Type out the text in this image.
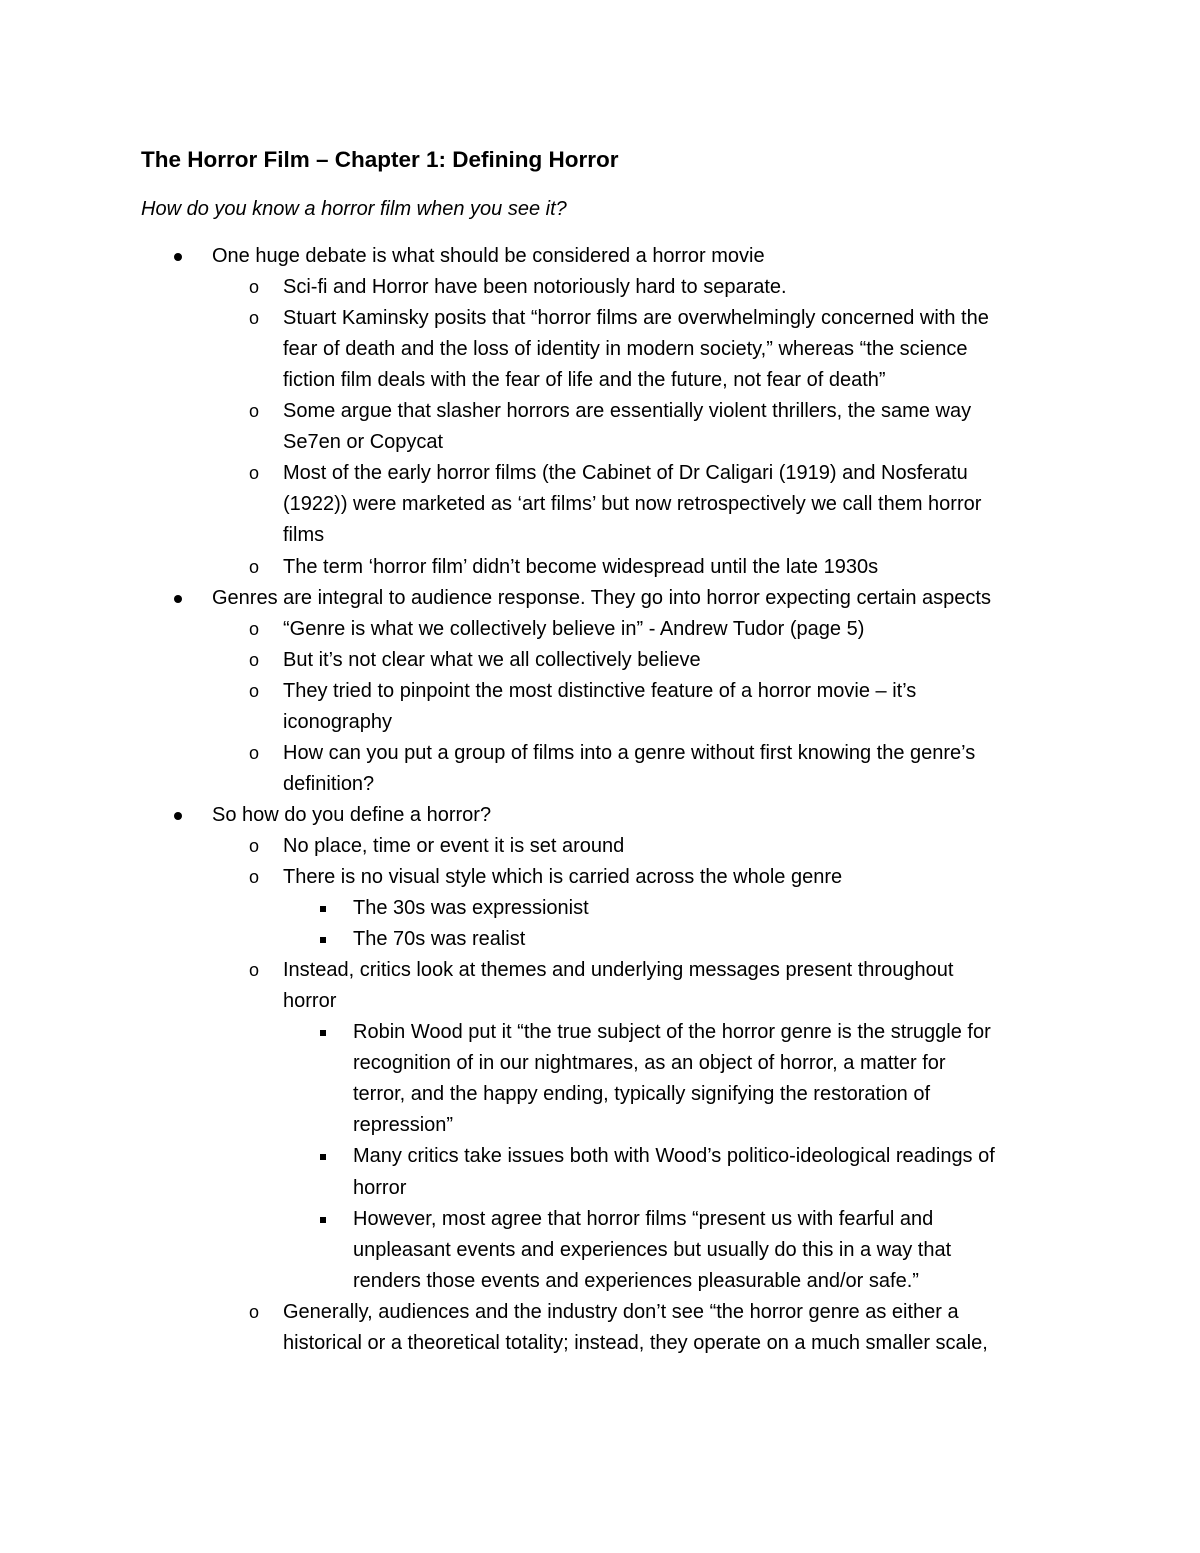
The Horror Film – Chapter 1: Defining Horror
How do you know a horror film when you see it?
One huge debate is what should be considered a horror movie
o Sci-fi and Horror have been notoriously hard to separate.
o Stuart Kaminsky posits that “horror films are overwhelmingly concerned with the
fear of death and the loss of identity in modern society,” whereas “the science
fiction film deals with the fear of life and the future, not fear of death”
o Some argue that slasher horrors are essentially violent thrillers, the same way
Se7en or Copycat
o Most of the early horror films (the Cabinet of Dr Caligari (1919) and Nosferatu
(1922)) were marketed as ‘art films’ but now retrospectively we call them horror
films
o The term ‘horror film’ didn’t become widespread until the late 1930s
Genres are integral to audience response. They go into horror expecting certain aspects
o “Genre is what we collectively believe in” - Andrew Tudor (page 5)
o But it’s not clear what we all collectively believe
o They tried to pinpoint the most distinctive feature of a horror movie – it’s
iconography
o How can you put a group of films into a genre without first knowing the genre’s
definition?
So how do you define a horror?
o No place, time or event it is set around
o There is no visual style which is carried across the whole genre
The 30s was expressionist
The 70s was realist
o Instead, critics look at themes and underlying messages present throughout
horror
Robin Wood put it “the true subject of the horror genre is the struggle for
recognition of in our nightmares, as an object of horror, a matter for
terror, and the happy ending, typically signifying the restoration of
repression”
Many critics take issues both with Wood’s politico-ideological readings of
horror
However, most agree that horror films “present us with fearful and
unpleasant events and experiences but usually do this in a way that
renders those events and experiences pleasurable and/or safe.”
o Generally, audiences and the industry don’t see “the horror genre as either a
historical or a theoretical totality; instead, they operate on a much smaller scale,
